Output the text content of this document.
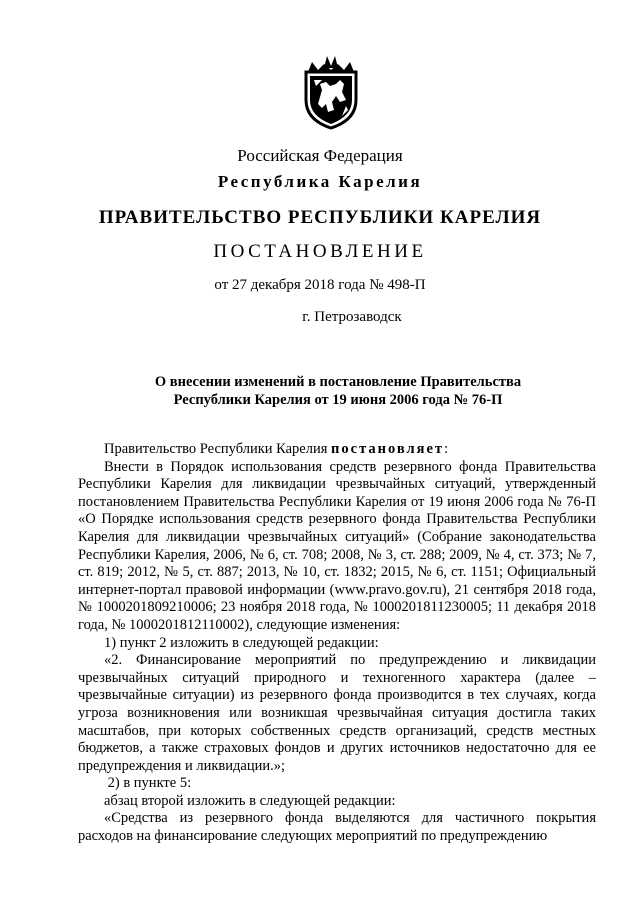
Российская Федерация
Республика Карелия
ПРАВИТЕЛЬСТВО РЕСПУБЛИКИ КАРЕЛИЯ
ПОСТАНОВЛЕНИЕ
от 27 декабря 2018 года № 498-П
г. Петрозаводск
О внесении изменений в постановление Правительства
Республики Карелия от 19 июня 2006 года № 76-П

Правительство Республики Карелия постановляет:

Внести в Порядок использования средств резервного фонда Правительства Республики Карелия для ликвидации чрезвычайных ситуаций, утвержденный постановлением Правительства Республики Карелия от 19 июня 2006 года № 76-П «О Порядке использования средств резервного фонда Правительства Республики Карелия для ликвидации чрезвычайных ситуаций» (Собрание законодательства Республики Карелия, 2006, № 6, ст. 708; 2008, № 3, ст. 288; 2009, № 4, ст. 373; № 7, ст. 819; 2012, № 5, ст. 887; 2013, № 10, ст. 1832; 2015, № 6, ст. 1151; Официальный интернет-портал правовой информации (www.pravo.gov.ru), 21 сентября 2018 года, № 1000201809210006; 23 ноября 2018 года, № 1000201811230005; 11 декабря 2018 года, № 1000201812110002), следующие изменения:

1) пункт 2 изложить в следующей редакции:

«2. Финансирование мероприятий по предупреждению и ликвидации чрезвычайных ситуаций природного и техногенного характера (далее – чрезвычайные ситуации) из резервного фонда производится в тех случаях, когда угроза возникновения или возникшая чрезвычайная ситуация достигла таких масштабов, при которых собственных средств организаций, средств местных бюджетов, а также страховых фондов и других источников недостаточно для ее предупреждения и ликвидации.»;

2) в пункте 5:

абзац второй изложить в следующей редакции:

«Средства из резервного фонда выделяются для частичного покрытия расходов на финансирование следующих мероприятий по предупреждению
